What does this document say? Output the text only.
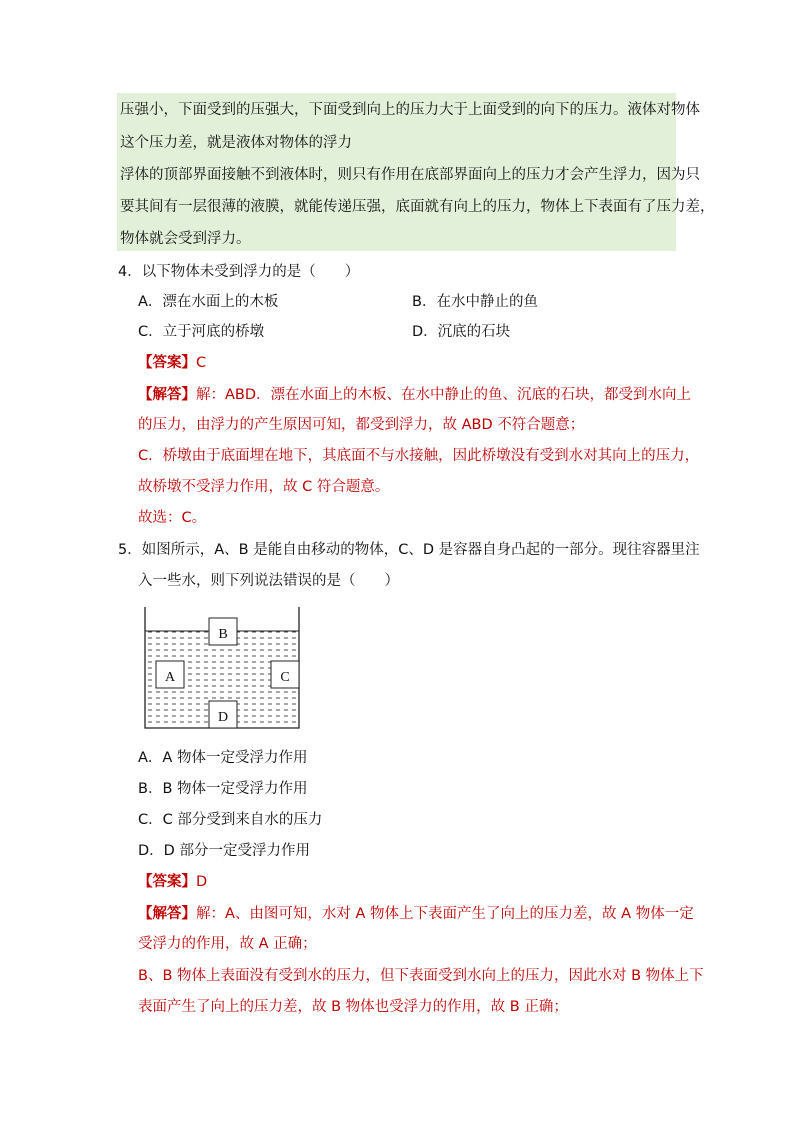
压强小，下面受到的压强大，下面受到向上的压力大于上面受到的向下的压力。液体对物体
这个压力差，就是液体对物体的浮力
浮体的顶部界面接触不到液体时，则只有作用在底部界面向上的压力才会产生浮力，因为只
要其间有一层很薄的液膜，就能传递压强，底面就有向上的压力，物体上下表面有了压力差，
物体就会受到浮力。
4．以下物体未受到浮力的是（　　）
A．漂在水面上的木板	B．在水中静止的鱼
C．立于河底的桥墩	D．沉底的石块
【答案】C
【解答】解：ABD．漂在水面上的木板、在水中静止的鱼、沉底的石块，都受到水向上
的压力，由浮力的产生原因可知，都受到浮力，故 ABD 不符合题意；
C．桥墩由于底面埋在地下，其底面不与水接触，因此桥墩没有受到水对其向上的压力，
故桥墩不受浮力作用，故 C 符合题意。
故选：C。
5．如图所示，A、B 是能自由移动的物体，C、D 是容器自身凸起的一部分。现往容器里注
入一些水，则下列说法错误的是（　　）
B
A	C
D
A．A 物体一定受浮力作用
B．B 物体一定受浮力作用
C．C 部分受到来自水的压力
D．D 部分一定受浮力作用
【答案】D
【解答】解：A、由图可知，水对 A 物体上下表面产生了向上的压力差，故 A 物体一定
受浮力的作用，故 A 正确；
B、B 物体上表面没有受到水的压力，但下表面受到水向上的压力，因此水对 B 物体上下
表面产生了向上的压力差，故 B 物体也受浮力的作用，故 B 正确；
